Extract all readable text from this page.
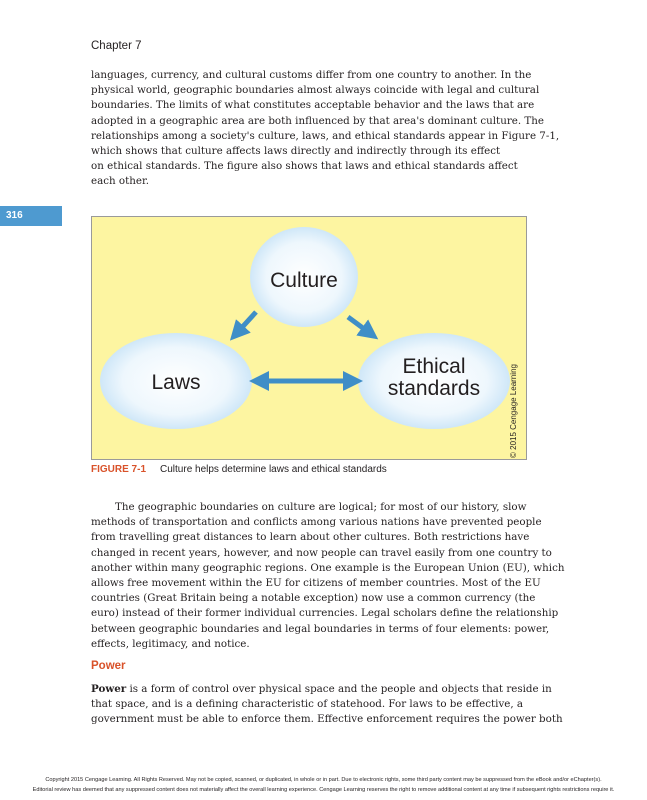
Chapter 7
languages, currency, and cultural customs differ from one country to another. In the
physical world, geographic boundaries almost always coincide with legal and cultural
boundaries. The limits of what constitutes acceptable behavior and the laws that are
adopted in a geographic area are both influenced by that area's dominant culture. The
relationships among a society's culture, laws, and ethical standards appear in Figure 7-1,
which shows that culture affects laws directly and indirectly through its effect
on ethical standards. The figure also shows that laws and ethical standards affect
each other.
316
Culture
Laws
Ethical
standards	© 2015 Cengage Learning
FIGURE 7-1 Culture helps determine laws and ethical standards
The geographic boundaries on culture are logical; for most of our history, slow
methods of transportation and conflicts among various nations have prevented people
from travelling great distances to learn about other cultures. Both restrictions have
changed in recent years, however, and now people can travel easily from one country to
another within many geographic regions. One example is the European Union (EU), which
allows free movement within the EU for citizens of member countries. Most of the EU
countries (Great Britain being a notable exception) now use a common currency (the
euro) instead of their former individual currencies. Legal scholars define the relationship
between geographic boundaries and legal boundaries in terms of four elements: power,
effects, legitimacy, and notice.
Power
Power is a form of control over physical space and the people and objects that reside in
that space, and is a defining characteristic of statehood. For laws to be effective, a
government must be able to enforce them. Effective enforcement requires the power both
Copyright 2015 Cengage Learning. All Rights Reserved. May not be copied, scanned, or duplicated, in whole or in part. Due to electronic rights, some third party content may be suppressed from the eBook and/or eChapter(s).
Editorial review has deemed that any suppressed content does not materially affect the overall learning experience. Cengage Learning reserves the right to remove additional content at any time if subsequent rights restrictions require it.
